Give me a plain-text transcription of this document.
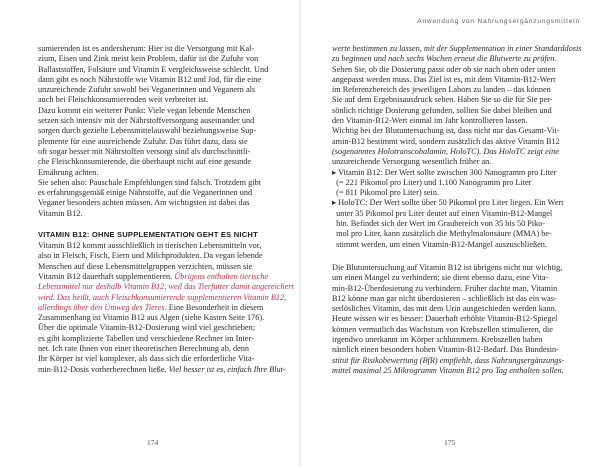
sumierenden ist es andersherum: Hier ist die Versorgung mit Kal-

zium, Eisen und Zink meist kein Problem, dafür ist die Zufuhr von

Ballaststoffen, Folsäure und Vitamin E vergleichsweise schlecht. Und

dann gibt es noch Nährstoffe wie Vitamin B12 und Jod, für die eine

unzureichende Zufuhr sowohl bei Veganerinnen und Veganern als

auch bei Fleischkonsumierenden weit verbreitet ist.

Dazu kommt ein weiterer Punkt: Viele vegan lebende Menschen

setzen sich intensiv mit der Nährstoffversorgung auseinander und

sorgen durch gezielte Lebensmittelauswahl beziehungsweise Sup-

plemente für eine ausreichende Zufuhr. Das führt dazu, dass sie

oft sogar besser mit Nährstoffen versorgt sind als durchschnittli-

che Fleischkonsumierende, die überhaupt nicht auf eine gesunde

Ernährung achten.

Sie sehen also: Pauschale Empfehlungen sind falsch. Trotzdem gibt

es erfahrungsgemäß einige Nährstoffe, auf die Veganerinnen und

Veganer besonders achten müssen. Am wichtigsten ist dabei das

Vitamin B12.

VITAMIN B12: OHNE SUPPLEMENTATION GEHT ES NICHT

Vitamin B12 kommt ausschließlich in tierischen Lebensmitteln vor,

also in Fleisch, Fisch, Eiern und Milchprodukten. Da vegan lebende

Menschen auf diese Lebensmittelgruppen verzichten, müssen sie

Vitamin B12 dauerhaft supplementieren. Übrigens enthalten tierische

Lebensmittel nur deshalb Vitamin B12, weil das Tierfutter damit angereichert

wird. Das heißt, auch Fleischkonsumierende supplementieren Vitamin B12,

allerdings über den Umweg des Tieres. Eine Besonderheit in diesem

Zusammenhang ist Vitamin B12 aus Algen (siehe Kasten Seite 176).

Über die optimale Vitamin-B12-Dosierung wird viel geschrieben;

es gibt komplizierte Tabellen und verschiedene Rechner im Inter-

net. Ich rate Ihnen von einer theoretischen Berechnung ab, denn

Ihr Körper ist viel komplexer, als dass sich die erforderliche Vita-

min-B12-Dosis vorherberechnen ließe. Viel besser ist es, einfach Ihre Blut-

174
Anwendung von Nahrungsergänzungsmitteln

werte bestimmen zu lassen, mit der Supplementation in einer Standarddosis

zu beginnen und nach sechs Wochen erneut die Blutwerte zu prüfen.

Sehen Sie, ob die Dosierung passt oder ob sie nach oben oder unten

angepasst werden muss. Das Ziel ist es, mit dem Vitamin-B12-Wert

im Referenzbereich des jeweiligen Labors zu landen – das können

Sie auf dem Ergebnisausdruck sehen. Haben Sie so die für Sie per-

sönlich richtige Dosierung gefunden, sollten Sie dabei bleiben und

den Vitamin-B12-Wert einmal im Jahr kontrollieren lassen.

Wichtig bei der Blutuntersuchung ist, dass nicht nur das Gesamt-Vit-

amin-B12 bestimmt wird, sondern zusätzlich das aktive Vitamin B12

(sogenanntes Holotranscobalamin, HoloTC). Das HoloTC zeigt eine

unzureichende Versorgung wesentlich früher an.

▸ Vitamin B12: Der Wert sollte zwischen 300 Nanogramm pro Liter

(= 221 Pikomol pro Liter) und 1.100 Nanogramm pro Liter

(= 811 Pikomol pro Liter) sein.

▸ HoloTC: Der Wert sollte über 50 Pikomol pro Liter liegen. Ein Wert

unter 35 Pikomol pro Liter deutet auf einen Vitamin-B12-Mangel

hin. Befindet sich der Wert im Graubereich von 35 bis 50 Piko-

mol pro Liter, kann zusätzlich die Methylmalonsäure (MMA) be-

stimmt werden, um einen Vitamin-B12-Mangel auszuschließen.

Die Blutuntersuchung auf Vitamin B12 ist übrigens nicht nur wichtig,

um einen Mangel zu verhindern; sie dient ebenso dazu, eine Vita-

min-B12-Überdosierung zu verhindern. Früher dachte man, Vitamin

B12 könne man gar nicht überdosieren – schließlich ist das ein was-

serlösliches Vitamin, das mit dem Urin ausgeschieden werden kann.

Heute wissen wir es besser: Dauerhaft erhöhte Vitamin-B12-Spiegel

können vermutlich das Wachstum von Krebszellen stimulieren, die

irgendwo unerkannt im Körper schlummern. Krebszellen haben

nämlich einen besonders hohen Vitamin-B12-Bedarf. Das Bundesin-

stitut für Risikobewertung (BfR) empfiehlt, dass Nahrungsergänzungs-

mittel maximal 25 Mikrogramm Vitamin B12 pro Tag enthalten sollen.

175
